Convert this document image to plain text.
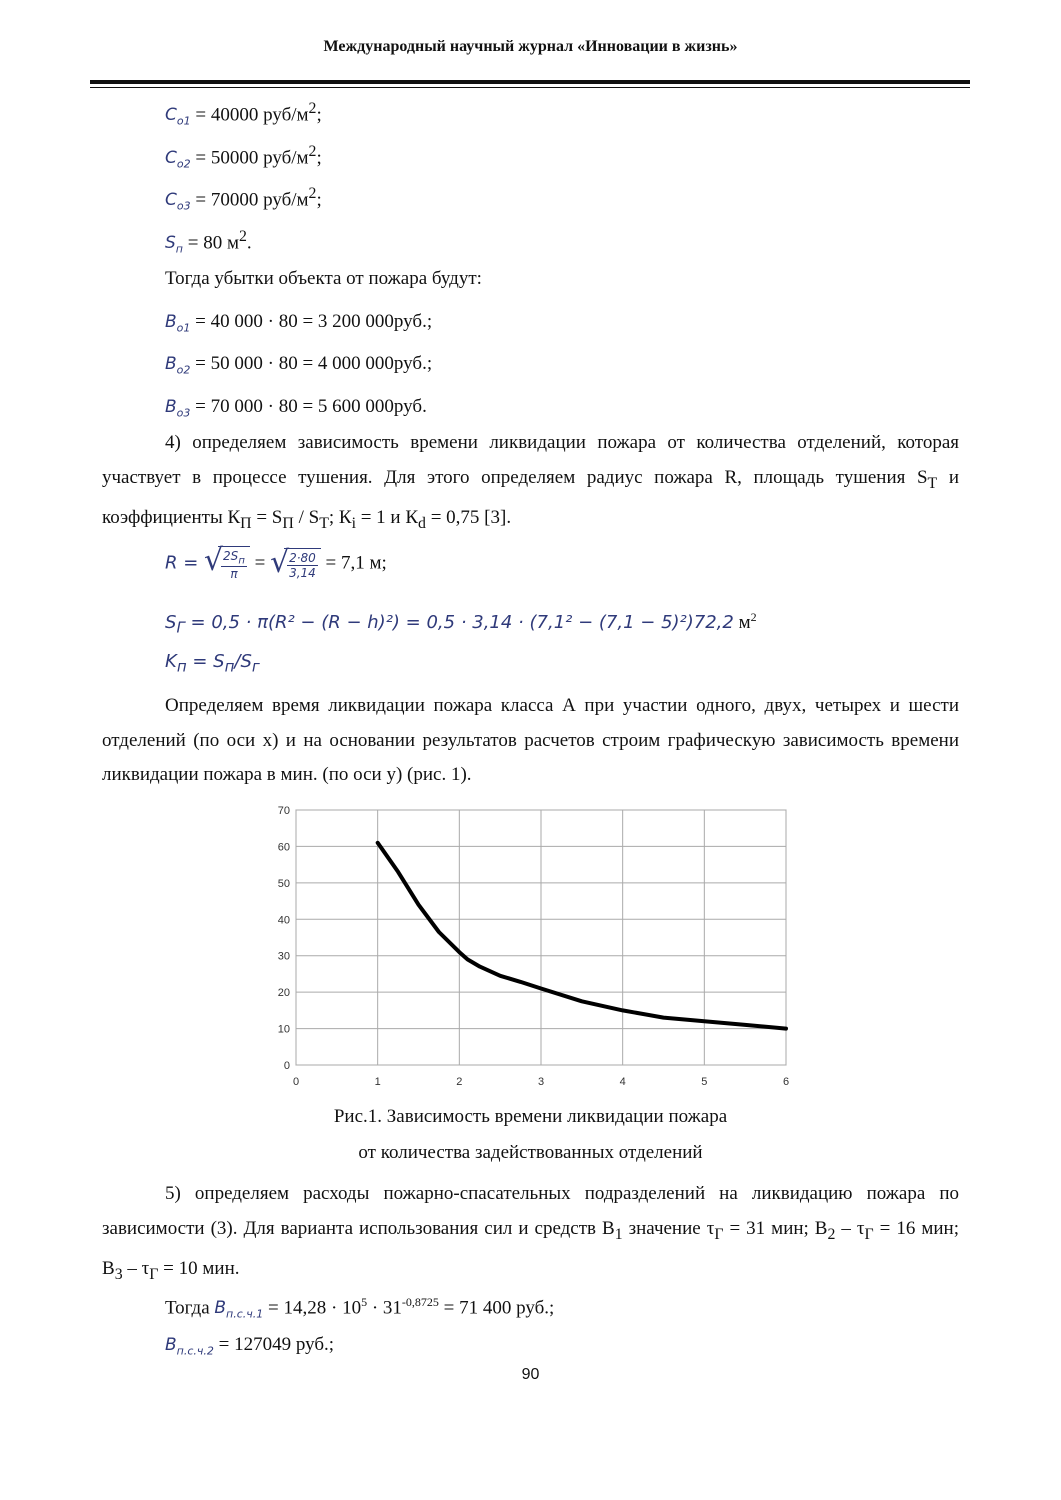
Международный научный журнал «Инновации в жизнь»
$C_{о1} = 40000$ руб/$м^2$;
$C_{о2} = 50000$ руб/$м^2$;
$C_{о3} = 70000$ руб/$м^2$;
$S_п = 80$ $м^2$.
Тогда убытки объекта от пожара будут:
$B_{о1} = 40$ 000 · 80 = 3 200 000руб.;
$B_{о2} = 50$ 000 · 80 = 4 000 000руб.;
$B_{о3} = 70$ 000 · 80 = 5 600 000руб.
4) определяем зависимость времени ликвидации пожара от количества отделений, которая участвует в процессе тушения. Для этого определяем радиус пожара R, площадь тушения $S_Т$ и коэффициенты $К_П = S_П / S_Т$; $К_i = 1$ и $К_d = 0,75$ [3].
R = √ $\frac{2S_п}{\pi}$ = √ $\frac{2\cdot 80}{3,14} = 7,1$ м;
$S_Г = 0,5 \cdot \pi(R^2 - (R - h)^2) = 0,5 \cdot 3,14 \cdot (7,1^2 - (7,1 - 5)^2)72,2$ $м^2$
$K_п = S_п/S_г$
Определяем время ликвидации пожара класса А при участии одного, двух, четырех и шести отделений (по оси х) и на основании результатов расчетов строим графическую зависимость времени ликвидации пожара в мин. (по оси у) (рис. 1).
0
10
20
30
40
50
60
70
0	1	2	3	4	5	6
Рис.1. Зависимость времени ликвидации пожара
от количества задействованных отделений
5) определяем расходы пожарно-спасательных подразделений на ликвидацию пожара по зависимости (3). Для варианта использования сил и средств $В_1$ значение $\tau_Г = 31$ мин; $В_2 - \tau_Г = 16$ мин; $В_3 - \tau_Г = 10$ мин.
Тогда $B_{п.с.ч.1} = 14,28 \cdot 10^5 \cdot 31^{-0,8725} = 71$ 400 руб.;
$B_{п.с.ч.2} = 127049$ руб.;
90
